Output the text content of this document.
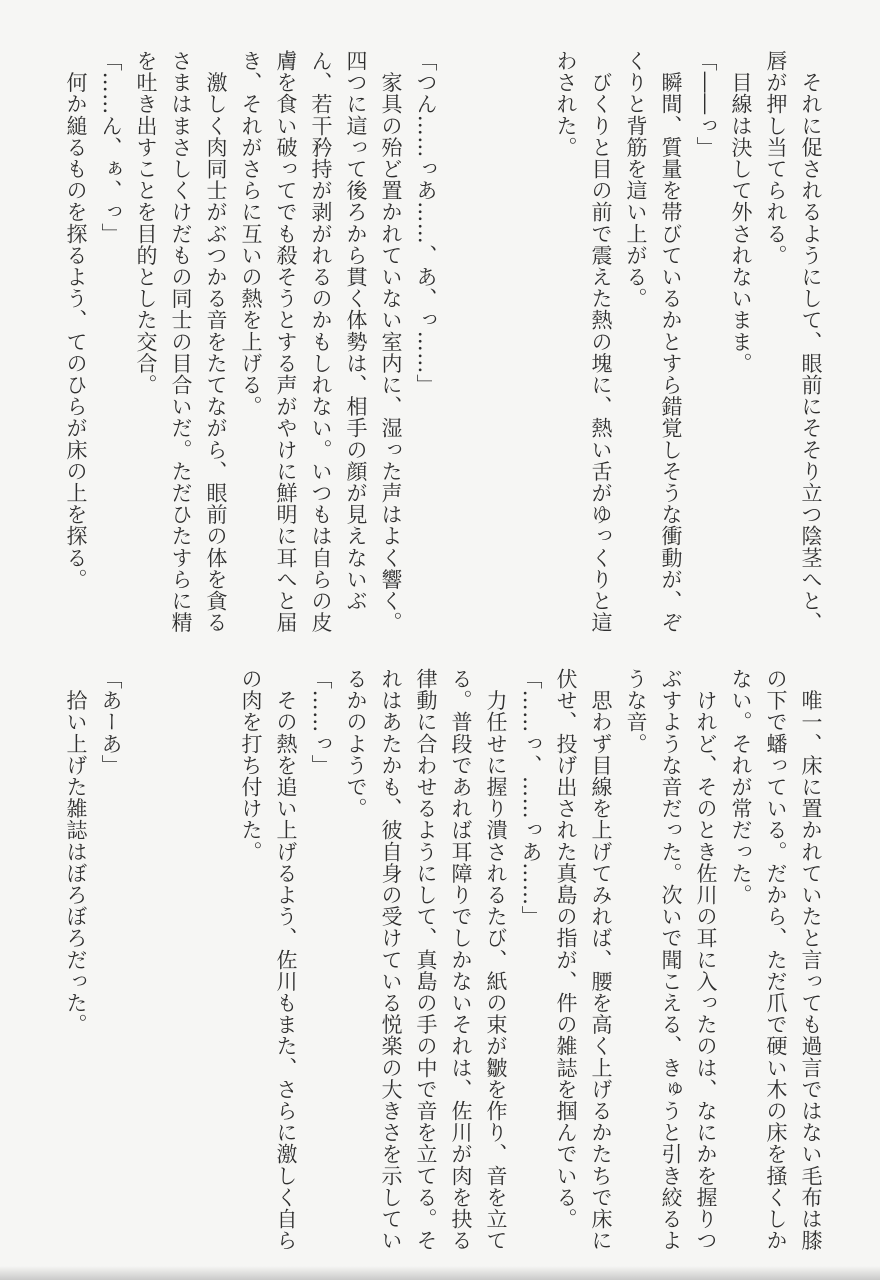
　それに促されるようにして、眼前にそそり立つ陰茎へと、
唇が押し当てられる。
　目線は決して外されないまま。
「――っ」
　瞬間、質量を帯びているかとすら錯覚しそうな衝動が、ぞ
くりと背筋を這い上がる。
　びくりと目の前で震えた熱の塊に、熱い舌がゆっくりと這
わされた。
「つん……っあ……、あ、っ……」
　家具の殆ど置かれていない室内に、湿った声はよく響く。
四つに這って後ろから貫く体勢は、相手の顔が見えないぶ
ん、若干矜持が剥がれるのかもしれない。いつもは自らの皮
膚を食い破ってでも殺そうとする声がやけに鮮明に耳へと届
き、それがさらに互いの熱を上げる。
　激しく肉同士がぶつかる音をたてながら、眼前の体を貪る
さまはまさしくけだもの同士の目合いだ。ただひたすらに精
を吐き出すことを目的とした交合。
「……ん、ぁ、っ」
　何か縋るものを探るよう、てのひらが床の上を探る。
　唯一、床に置かれていたと言っても過言ではない毛布は膝
の下で蟠っている。だから、ただ爪で硬い木の床を掻くしか
ない。それが常だった。
　けれど、そのとき佐川の耳に入ったのは、なにかを握りつ
ぶすような音だった。次いで聞こえる、きゅうと引き絞るよ
うな音。
　思わず目線を上げてみれば、腰を高く上げるかたちで床に
伏せ、投げ出された真島の指が、件の雑誌を掴んでいる。
「……っ、……っあ……」
　力任せに握り潰されるたび、紙の束が皺を作り、音を立て
る。普段であれば耳障りでしかないそれは、佐川が肉を抉る
律動に合わせるようにして、真島の手の中で音を立てる。そ
れはあたかも、彼自身の受けている悦楽の大きさを示してい
るかのようで。
「……っ」
　その熱を追い上げるよう、佐川もまた、さらに激しく自ら
の肉を打ち付けた。
「あーあ」
　拾い上げた雑誌はぼろぼろだった。
